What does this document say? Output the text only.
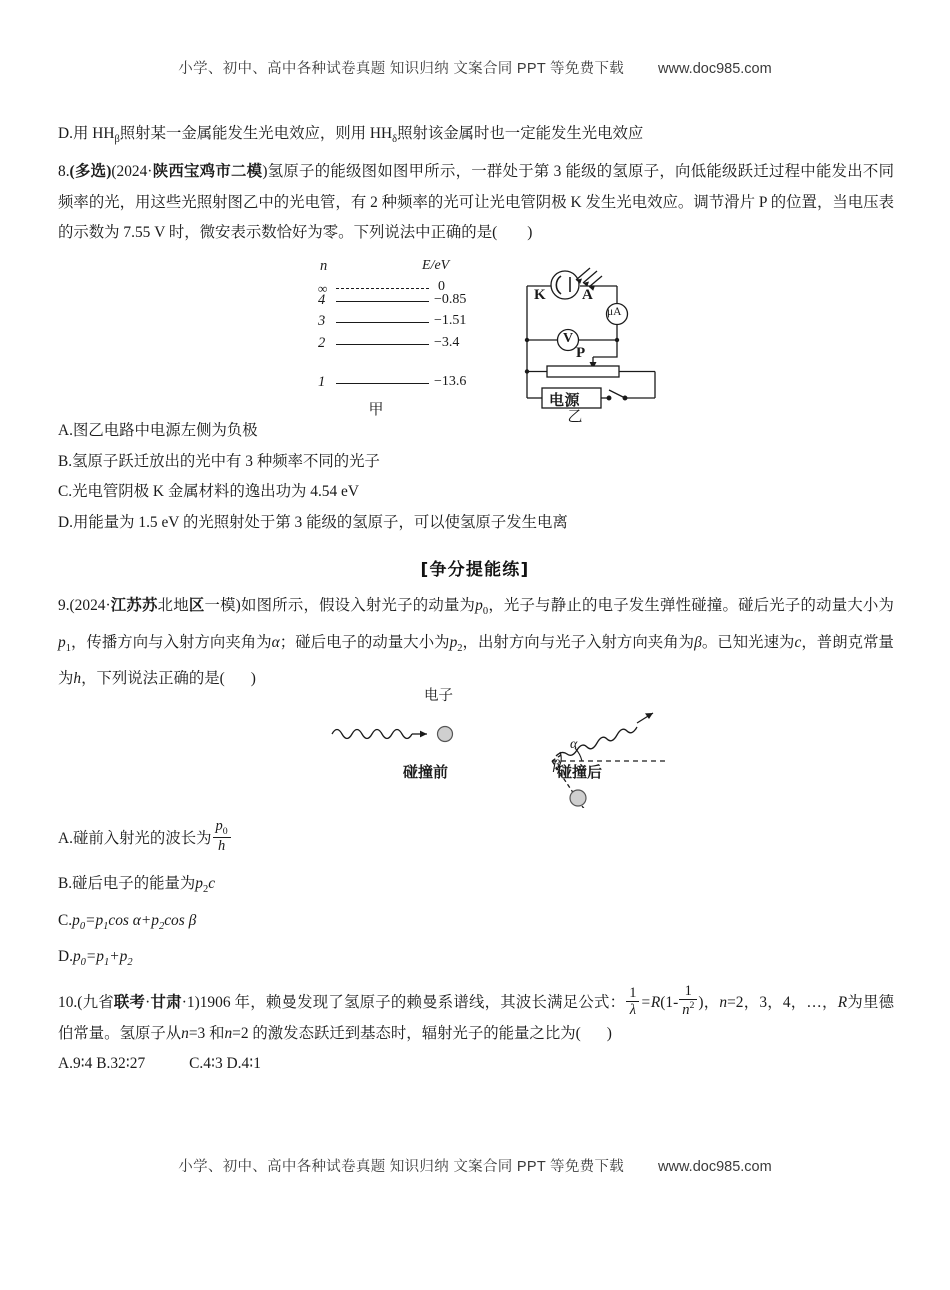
小学、初中、高中各种试卷真题 知识归纳 文案合同 PPT 等免费下载 www.doc985.com
D.用 $HH_\beta$照射某一金属能发生光电效应，则用 $HH_\delta$照射该金属时也一定能发生光电效应
8.(多选)(2024·陕西宝鸡市二模)氢原子的能级图如图甲所示，一群处于第 3 能级的氢原子，向低能级跃迁过程中能发出不同频率的光，用这些光照射图乙中的光电管，有 2 种频率的光可让光电管阴极 K 发生光电效应。调节滑片 P 的位置，当电压表的示数为 7.55 V 时，微安表示数恰好为零。下列说法中正确的是( )
n	E/eV
∞	0
4	−0.85
3	−1.51
2	−3.4
1	−13.6
甲
K A
μA
V
P
电源
乙
A.图乙电路中电源左侧为负极
B.氢原子跃迁放出的光中有 3 种频率不同的光子
C.光电管阴极 K 金属材料的逸出功为 4.54 eV
D.用能量为 1.5 eV 的光照射处于第 3 能级的氢原子，可以使氢原子发生电离
[争分提能练]
9.(2024·江苏苏北地区一模)如图所示，假设入射光子的动量为$p_0$，光子与静止的电子发生弹性碰撞。碰后光子的动量大小为$p_1$，传播方向与入射方向夹角为α；碰后电子的动量大小为$p_2$，出射方向与光子入射方向夹角为β。已知光速为c，普朗克常量为h，下列说法正确的是( )
电子
碰撞前	碰撞后
α
β
A.碰前入射光的波长为 $\frac{p_0}{h}$
B.碰后电子的能量为$p_2c$
$C.p_0=p_1\cos$ $\alpha+p_2\cos$ β
$D.p_0=p_1+p_2$
10.(九省联考·甘肃·1)1906 年，赖曼发现了氢原子的赖曼系谱线，其波长满足公式： $\frac{1}{\lambda} =R(1- \frac{1}{n^2}$ )，n=2，3，4，…，R为里德伯常量。氢原子从n=3 和n=2 的激发态跃迁到基态时，辐射光子的能量之比为( )
A.9∶4 B.32∶27	C.4∶3 D.4∶1
小学、初中、高中各种试卷真题 知识归纳 文案合同 PPT 等免费下载 www.doc985.com
